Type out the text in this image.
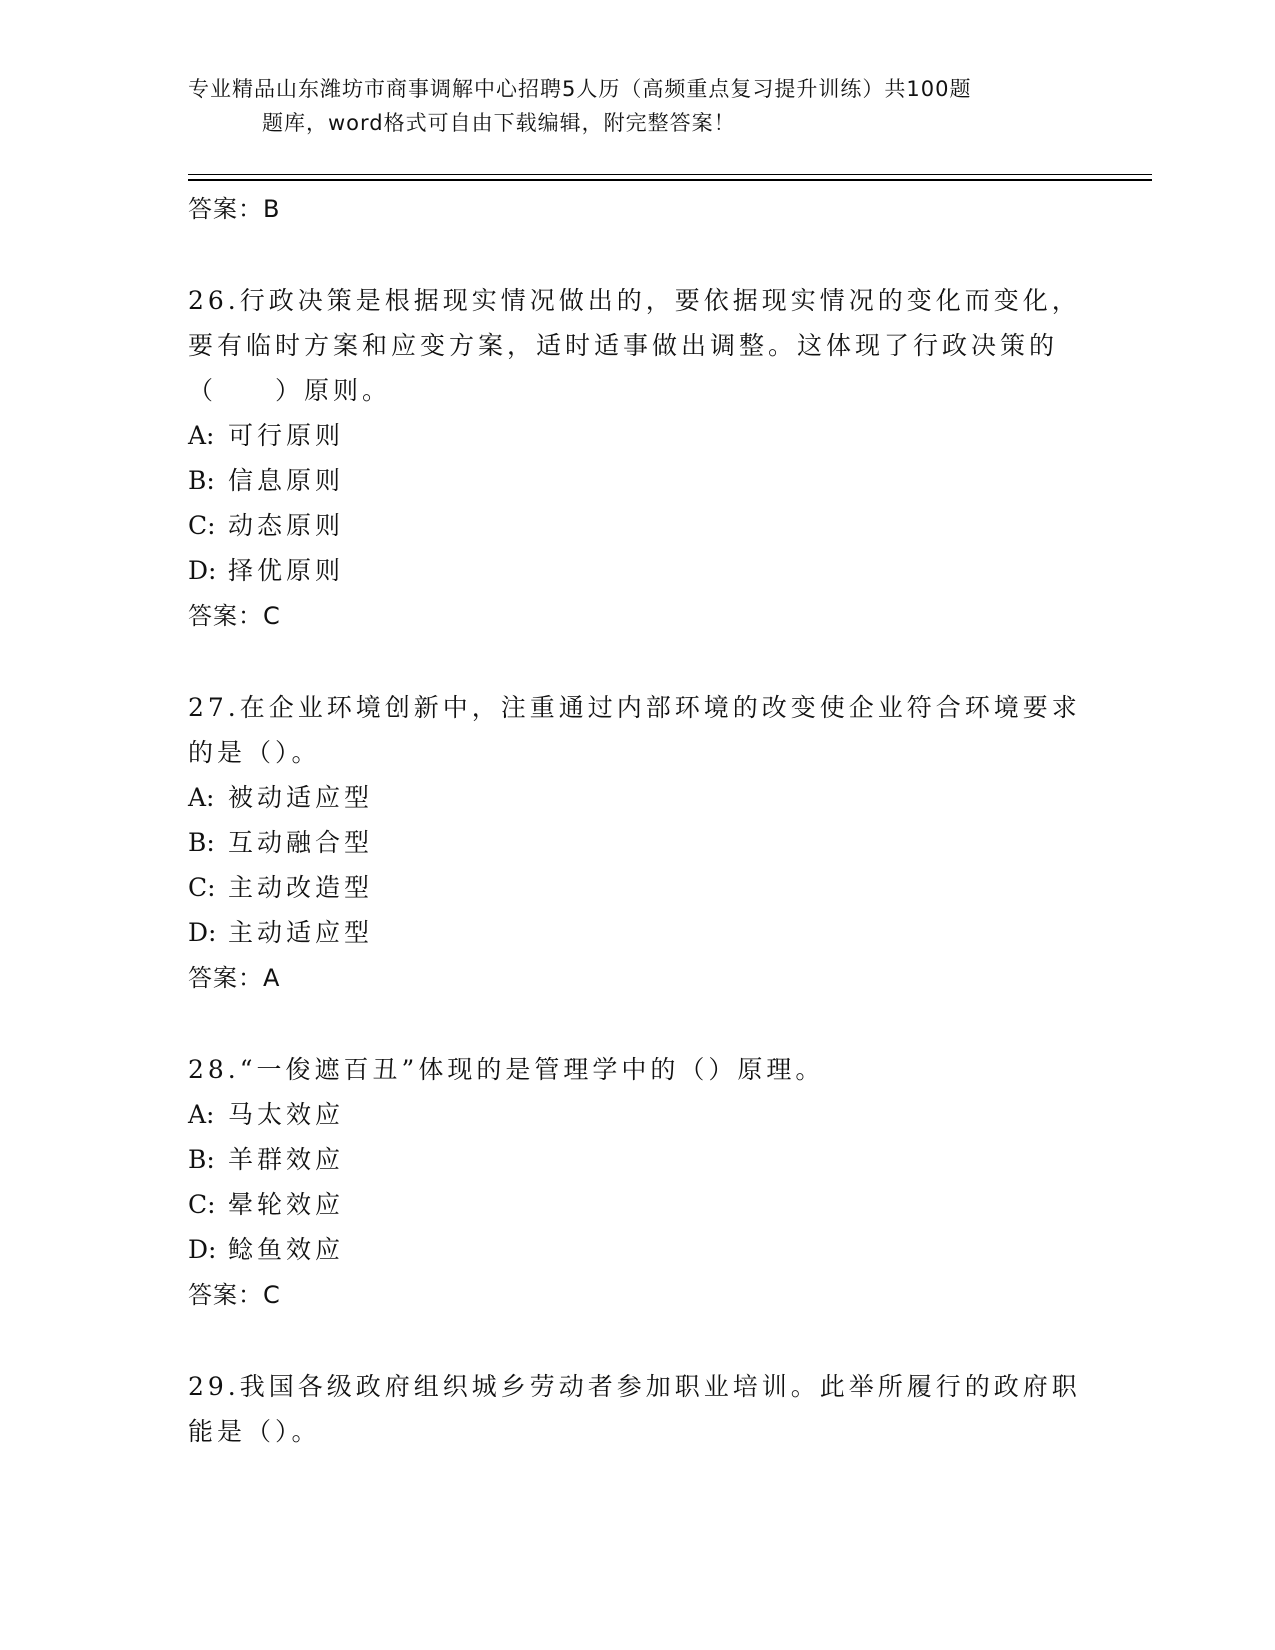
专业精品山东潍坊市商事调解中心招聘5人历（高频重点复习提升训练）共100题
题库，word格式可自由下载编辑，附完整答案！
答案：B
26.行政决策是根据现实情况做出的，要依据现实情况的变化而变化，
要有临时方案和应变方案，适时适事做出调整。这体现了行政决策的
（　　）原则。
A: 可行原则
B: 信息原则
C: 动态原则
D: 择优原则
答案：C
27.在企业环境创新中，注重通过内部环境的改变使企业符合环境要求
的是（）。
A: 被动适应型
B: 互动融合型
C: 主动改造型
D: 主动适应型
答案：A
28.“一俊遮百丑”体现的是管理学中的（）原理。
A: 马太效应
B: 羊群效应
C: 晕轮效应
D: 鲶鱼效应
答案：C
29.我国各级政府组织城乡劳动者参加职业培训。此举所履行的政府职
能是（）。
